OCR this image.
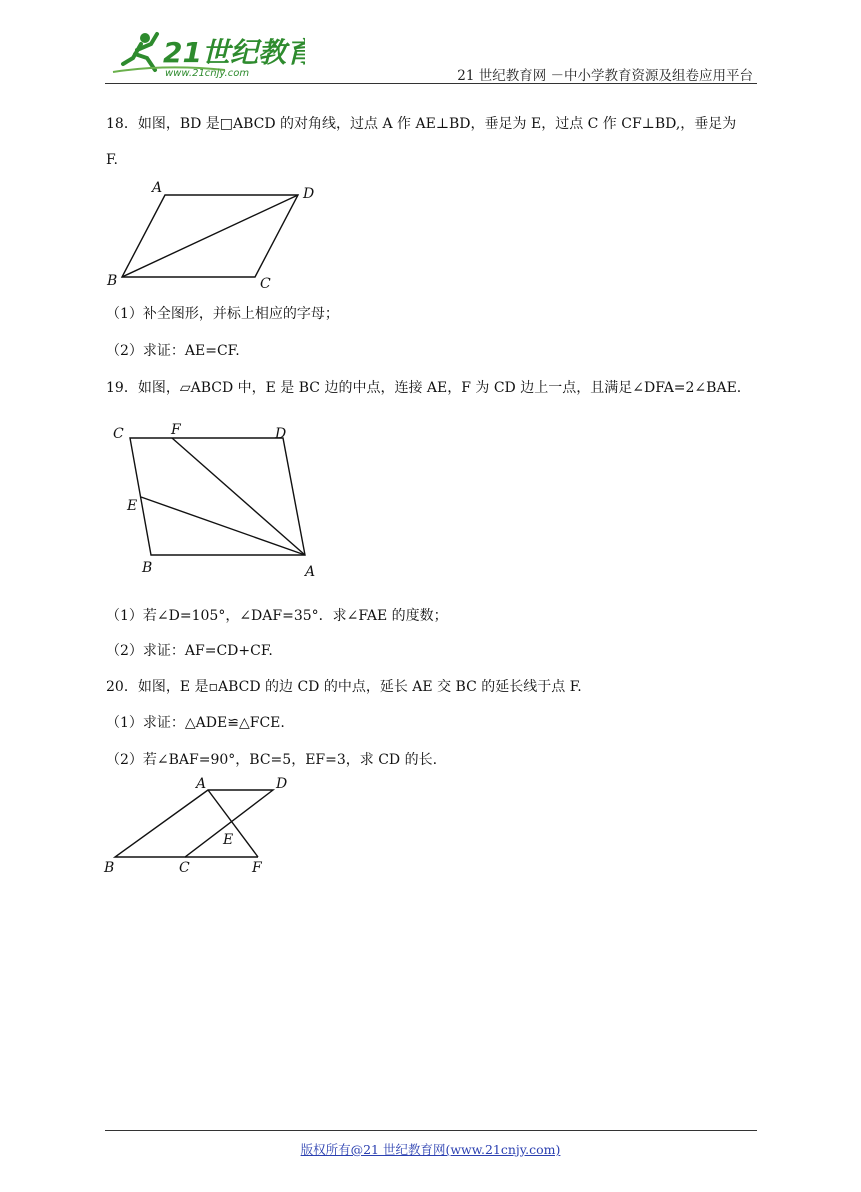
21世纪教育
www.21cnjy.com	21 世纪教育网 －中小学教育资源及组卷应用平台
18．如图，BD 是□ABCD 的对角线，过点 A 作 AE⊥BD，垂足为 E，过点 C 作 CF⊥BD,，垂足为
F.
A	D
B	C
（1）补全图形，并标上相应的字母；
（2）求证：AE=CF.
19．如图，▱ABCD 中，E 是 BC 边的中点，连接 AE，F 为 CD 边上一点，且满足∠DFA=2∠BAE.
C	F	D
E
B	A
（1）若∠D=105°，∠DAF=35°．求∠FAE 的度数；
（2）求证：AF=CD+CF.
20．如图，E 是▫ABCD 的边 CD 的中点，延长 AE 交 BC 的延长线于点 F.
（1）求证：△ADE≌△FCE.
（2）若∠BAF=90°，BC=5，EF=3，求 CD 的长.
A	D
E
B	C	F
版权所有@21 世纪教育网(www.21cnjy.com)
